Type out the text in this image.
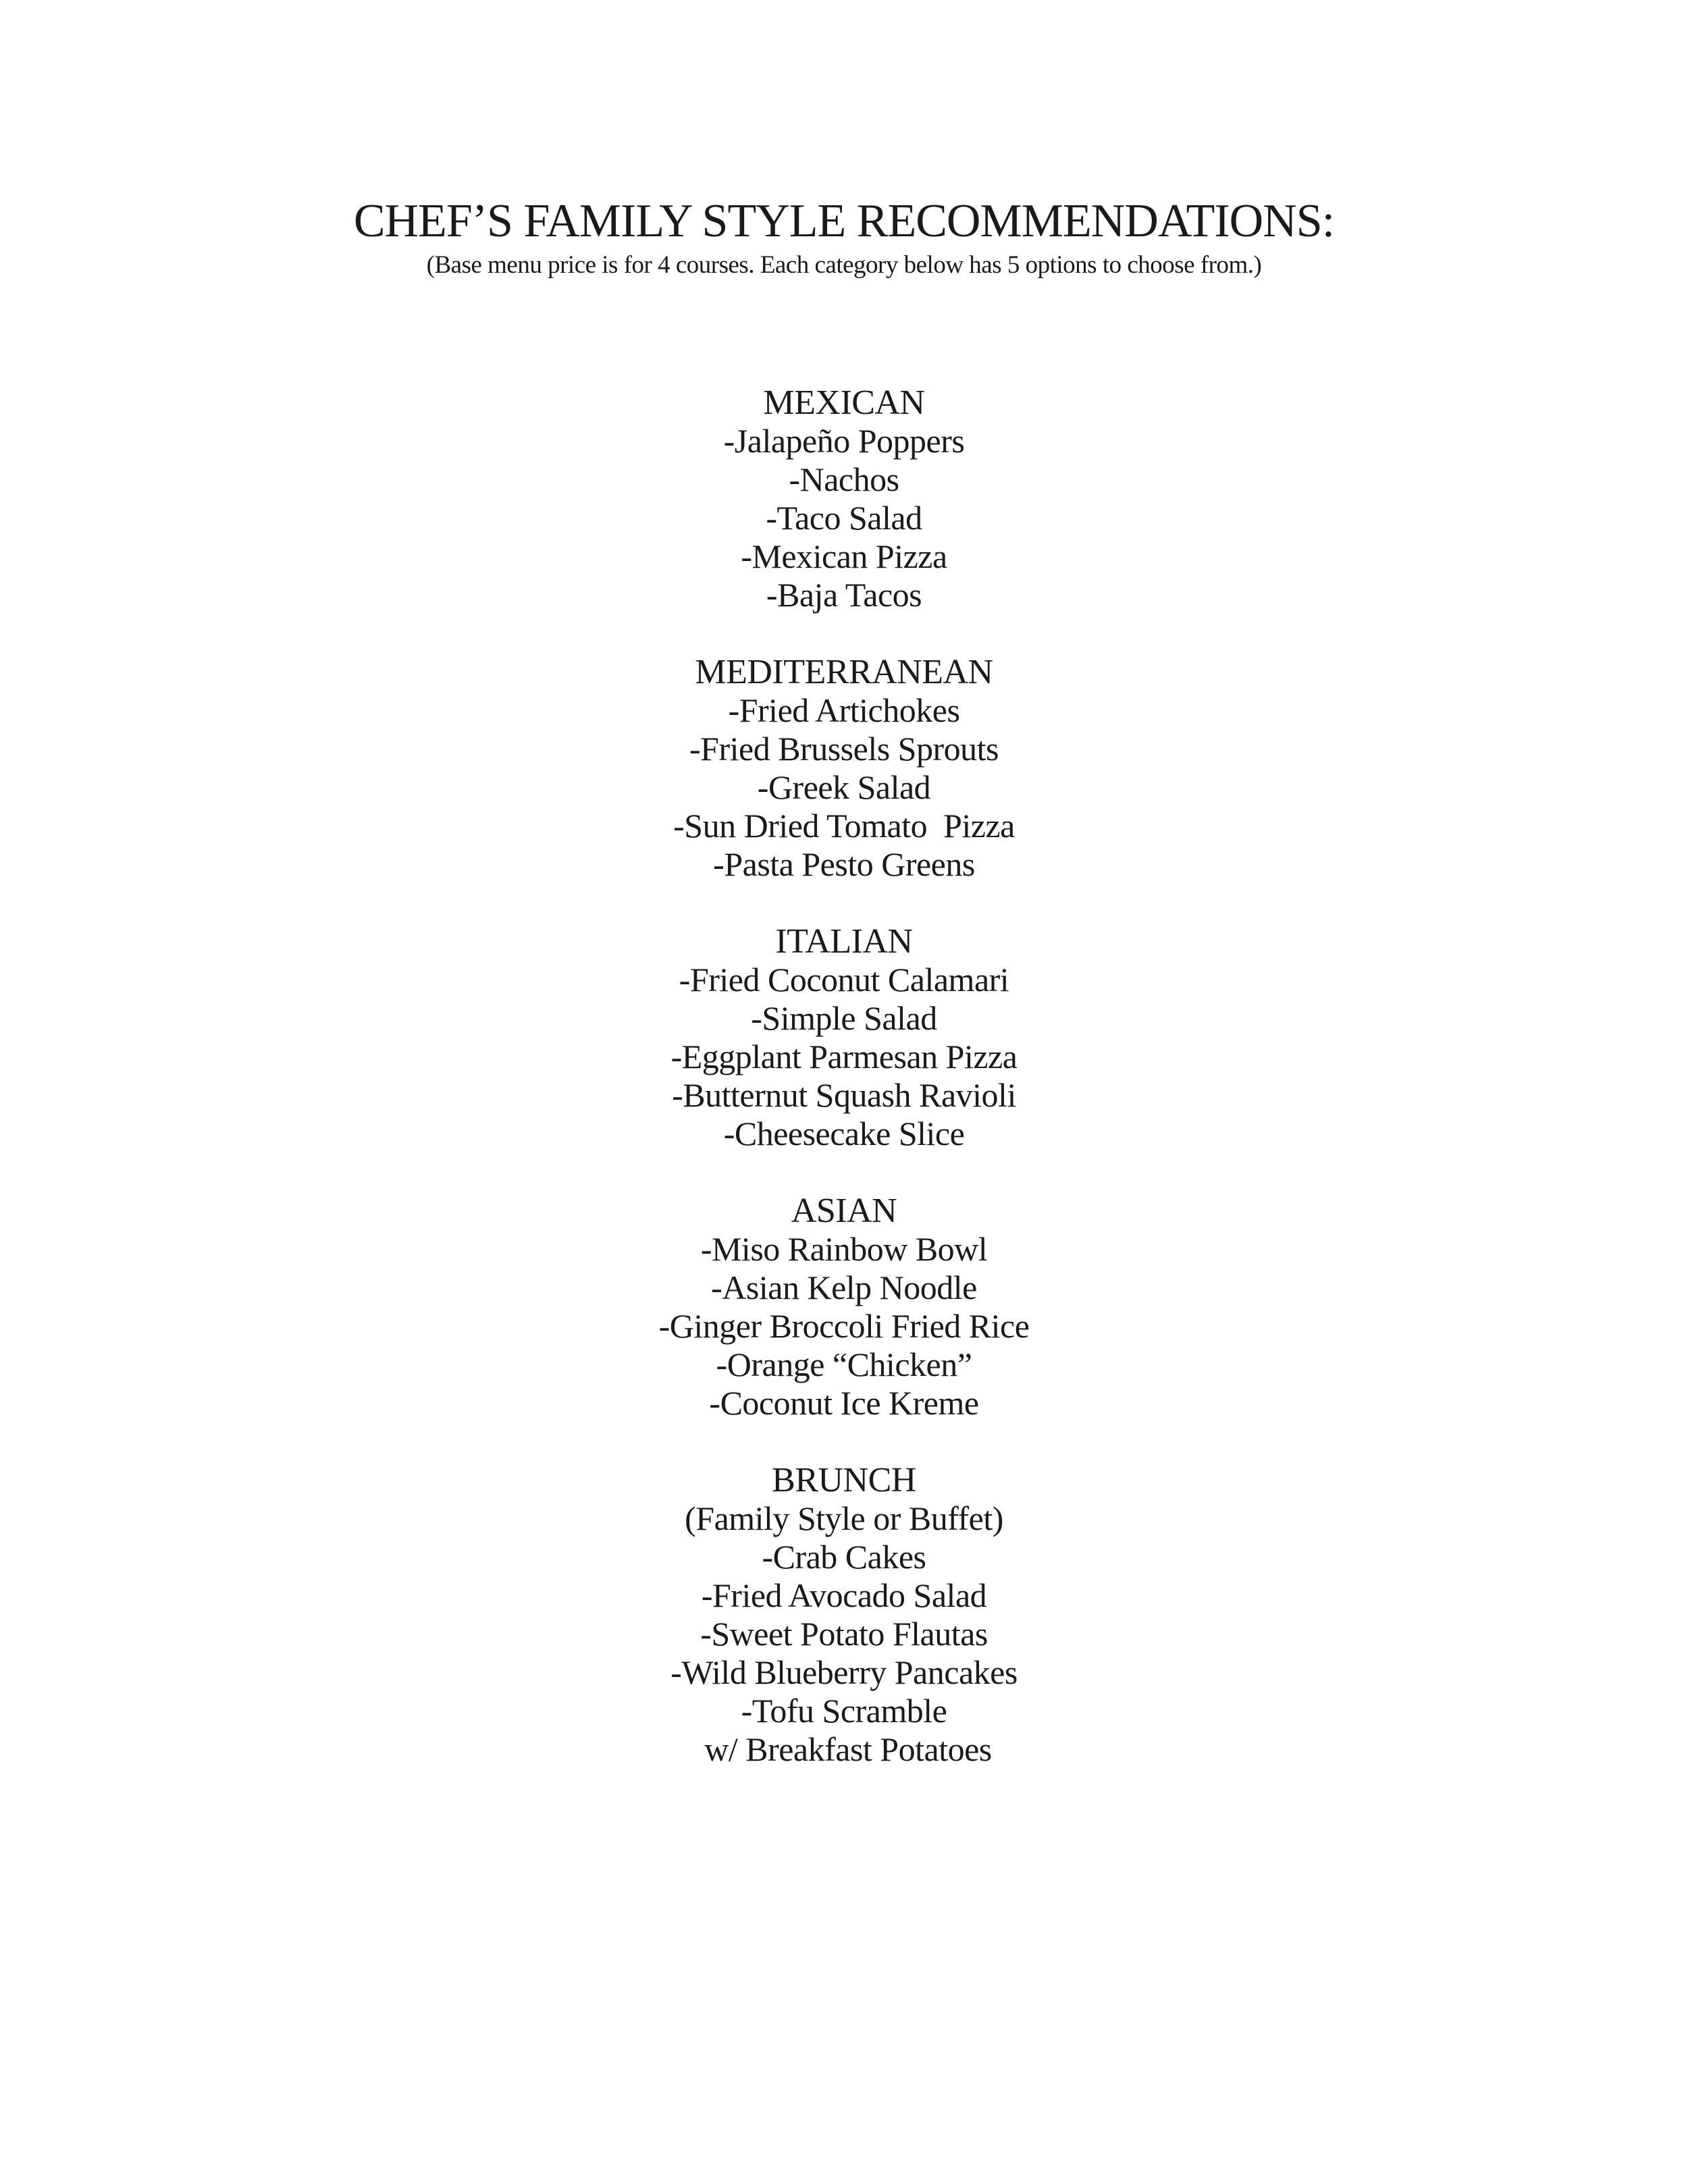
CHEF’S FAMILY STYLE RECOMMENDATIONS:

(Base menu price is for 4 courses. Each category below has 5 options to choose from.)

MEXICAN
-Jalapeño Poppers
-Nachos
-Taco Salad
-Mexican Pizza
-Baja Tacos
MEDITERRANEAN
-Fried Artichokes
-Fried Brussels Sprouts
-Greek Salad
-Sun Dried Tomato  Pizza
-Pasta Pesto Greens
ITALIAN
-Fried Coconut Calamari
-Simple Salad
-Eggplant Parmesan Pizza
-Butternut Squash Ravioli
-Cheesecake Slice
ASIAN
-Miso Rainbow Bowl
-Asian Kelp Noodle
-Ginger Broccoli Fried Rice
-Orange “Chicken”
-Coconut Ice Kreme
BRUNCH

(Family Style or Buffet)

-Crab Cakes
-Fried Avocado Salad
-Sweet Potato Flautas
-Wild Blueberry Pancakes
-Tofu Scramble
w/ Breakfast Potatoes
